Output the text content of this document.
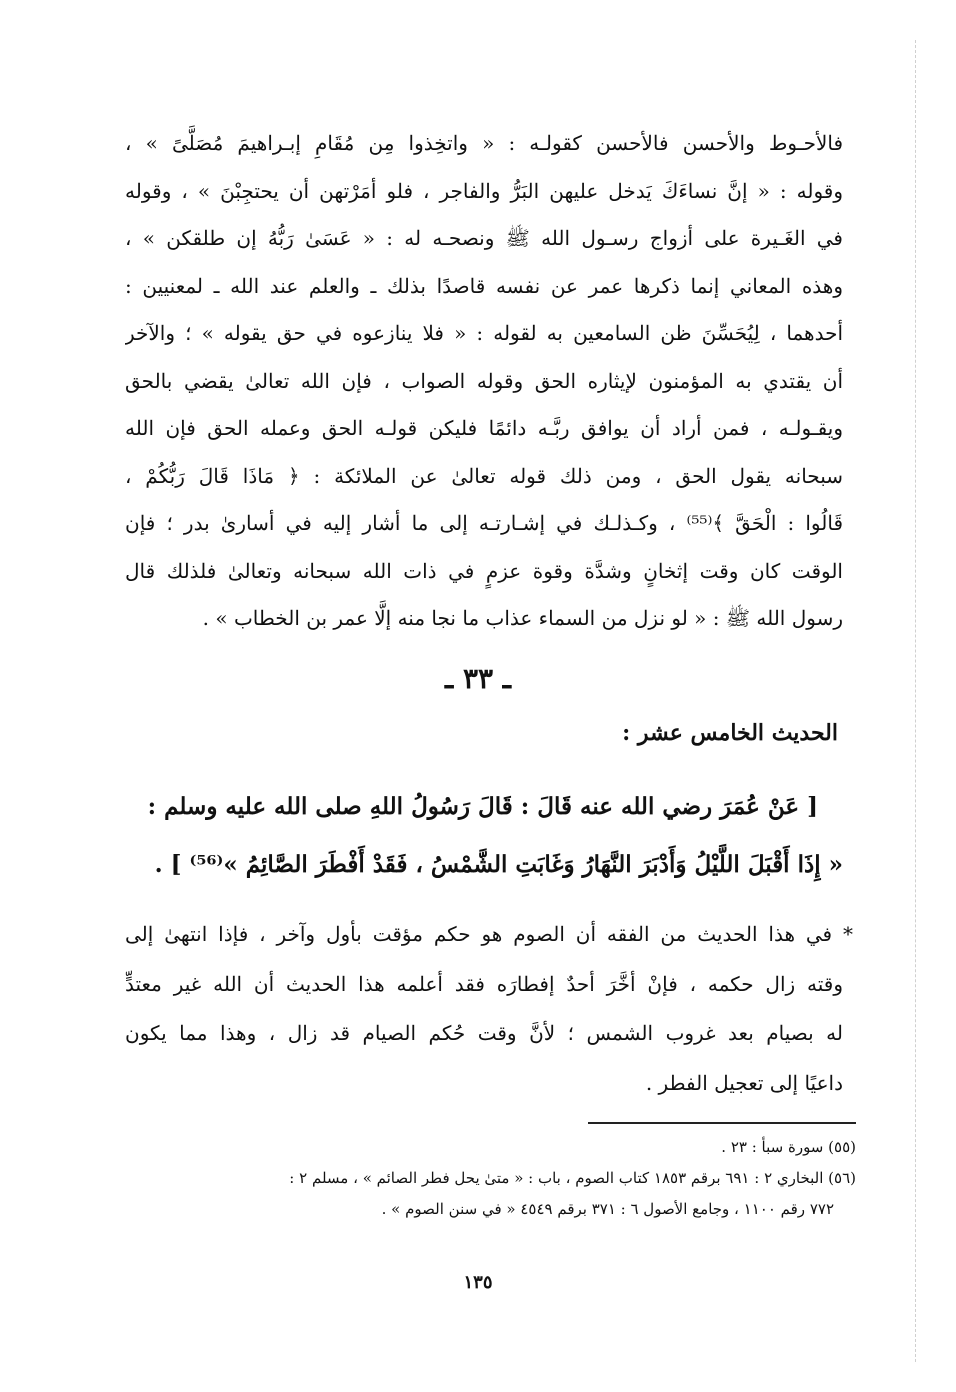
فالأحـوط والأحسن فالأحسن كقولـه : « واتخِذوا مِن مُقَامِ إبـراهيمَ مُصَلَّىً » ،
وقوله : « إنَّ نساءَكَ يَدخل عليهن البَرُّ والفاجر ، فلو أمَرْتهن أن يحتجِبْنَ » ، وقوله
في الغَـيرة على أزواج رسـول الله ﷺ ونصحـه له : « عَسَىٰ رَبُّهُ إن طلقكن » ،
وهذه المعاني إنما ذكرها عمر عن نفسه قاصدًا بذلك ـ والعلم عند الله ـ لمعنيين :
أحدهما ، لِيُحَسِّنَ ظن السامعين به لقوله : « فلا ينازعوه في حق يقوله » ؛ والآخر
أن يقتدي به المؤمنون لإيثاره الحق وقوله الصواب ، فإن الله تعالىٰ يقضي بالحق
ويقـولـه ، فمن أراد أن يوافق ربَّـه دائمًا فليكن قولـه الحق وعمله الحق فإن الله
سبحانه يقول الحق ، ومن ذلك قوله تعالىٰ عن الملائكة : ﴿ مَاذَا قَالَ رَبُّكُمْ ،
قَالُوا : الْحَقَّ ﴾⁽⁵⁵⁾ ، وكـذلـك في إشـارتـه إلى ما أشار إليه في أسارىٰ بدر ؛ فإن
الوقت كان وقت إثخانٍ وشدَّة وقوة عزمٍ في ذات الله سبحانه وتعالىٰ فلذلك قال
رسول الله ﷺ : « لو نزل من السماء عذاب ما نجا منه إلَّا عمر بن الخطاب » .
ـ ٣٣ ـ
الحديث الخامس عشر :
[ عَنْ عُمَرَ رضي الله عنه قَالَ : قَالَ رَسُولُ اللهِ صلى الله عليه وسلم :
« إِذَا أَقْبَلَ اللَّيْلُ وَأَدْبَرَ النَّهَارُ وَغَابَتِ الشَّمْسُ ، فَقَدْ أَفْطَرَ الصَّائِمُ »⁽⁵⁶⁾ ] .
* في هذا الحديث من الفقه أن الصوم هو حكم مؤقت بأول وآخر ، فإذا انتهىٰ إلى
وقته زال حكمه ، فإنْ أخَّرَ أحدٌ إفطارَه فقد أعلمه هذا الحديث أن الله غير معتدٍّ
له بصيام بعد غروب الشمس ؛ لأنَّ وقت حُكم الصيام قد زال ، وهذا مما يكون
داعيًا إلى تعجيل الفطر .
(٥٥) سورة سبأ : ٢٣ .
(٥٦) البخاري ٢ : ٦٩١ برقم ١٨٥٣ كتاب الصوم ، باب : « متىٰ يحل فطر الصائم » ، مسلم ٢ :
٧٧٢ رقم ١١٠٠ ، وجامع الأصول ٦ : ٣٧١ برقم ٤٥٤٩ « في سنن الصوم » .
١٣٥
